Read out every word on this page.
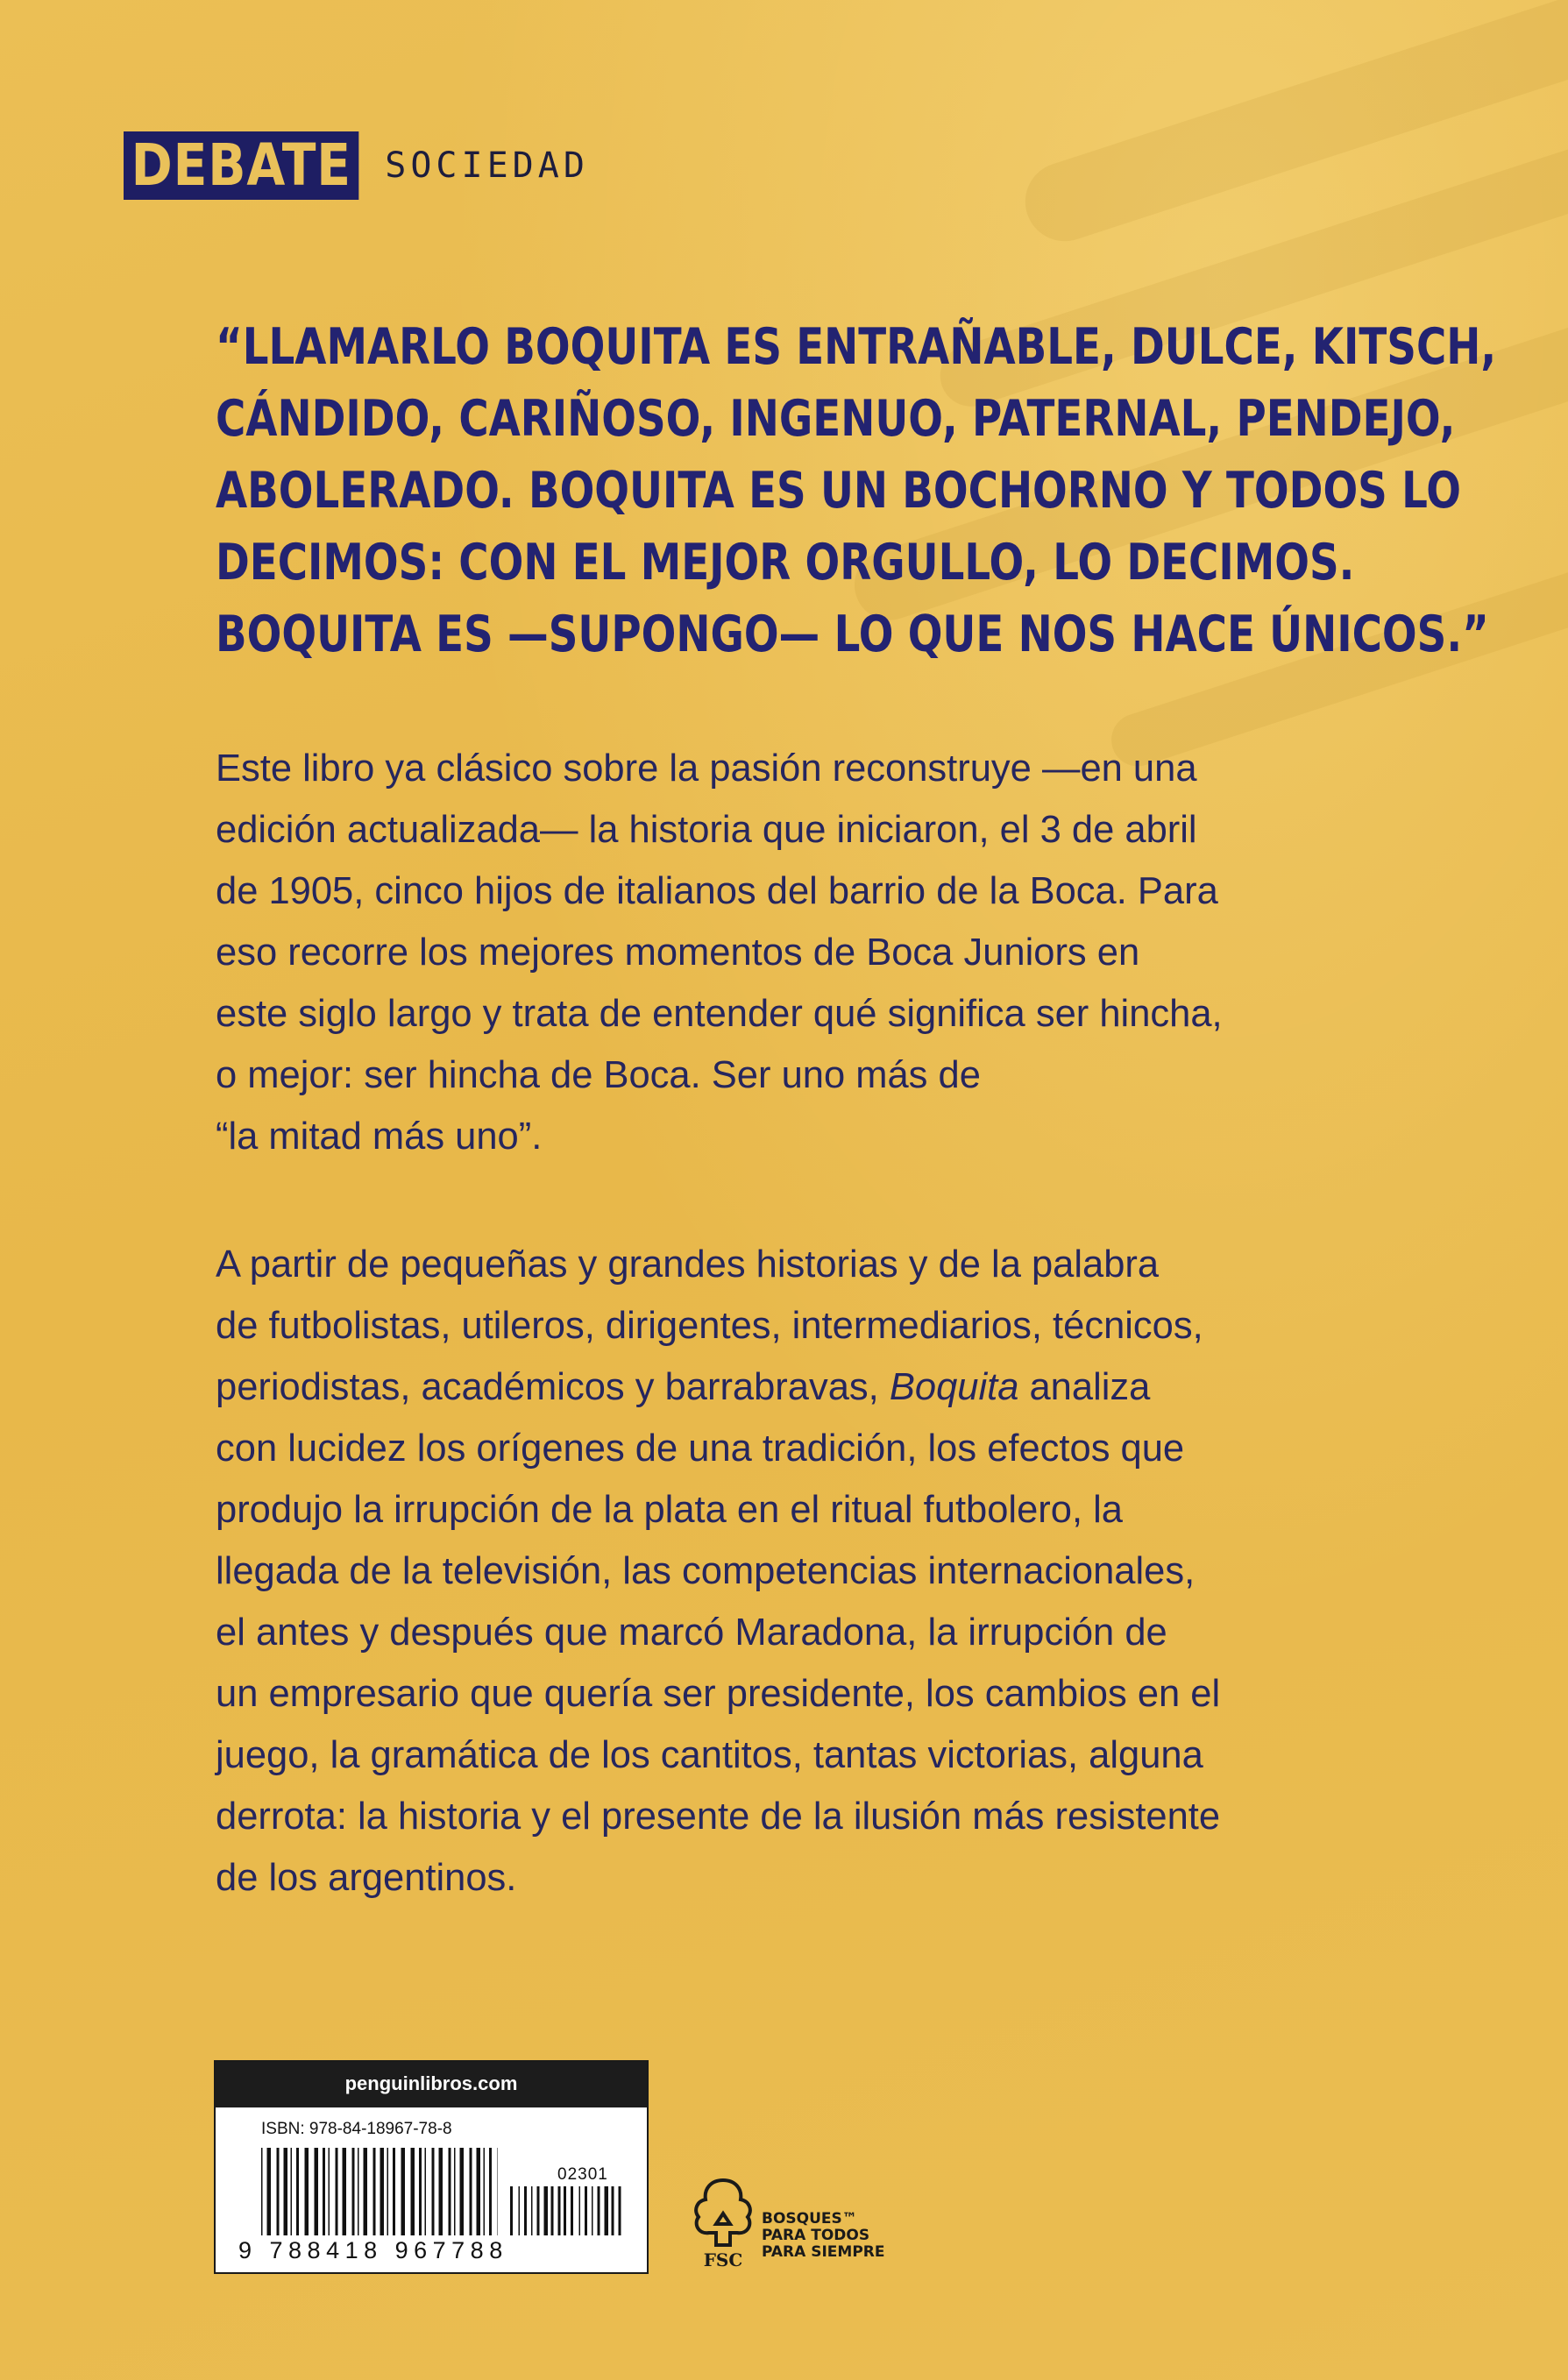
DEBATE SOCIEDAD
“LLAMARLO BOQUITA ES ENTRAÑABLE, DULCE, KITSCH,
CÁNDIDO, CARIÑOSO, INGENUO, PATERNAL, PENDEJO,
ABOLERADO. BOQUITA ES UN BOCHORNO Y TODOS LO
DECIMOS: CON EL MEJOR ORGULLO, LO DECIMOS.
BOQUITA ES —SUPONGO— LO QUE NOS HACE ÚNICOS.”
Este libro ya clásico sobre la pasión reconstruye —en una
edición actualizada— la historia que iniciaron, el 3 de abril
de 1905, cinco hijos de italianos del barrio de la Boca. Para
eso recorre los mejores momentos de Boca Juniors en
este siglo largo y trata de entender qué significa ser hincha,
o mejor: ser hincha de Boca. Ser uno más de
“la mitad más uno”.
A partir de pequeñas y grandes historias y de la palabra
de futbolistas, utileros, dirigentes, intermediarios, técnicos,
periodistas, académicos y barrabravas, Boquita analiza
con lucidez los orígenes de una tradición, los efectos que
produjo la irrupción de la plata en el ritual futbolero, la
llegada de la televisión, las competencias internacionales,
el antes y después que marcó Maradona, la irrupción de
un empresario que quería ser presidente, los cambios en el
juego, la gramática de los cantitos, tantas victorias, alguna
derrota: la historia y el presente de la ilusión más resistente
de los argentinos.
penguinlibros.com
ISBN: 978-84-18967-78-8
02301
9 788418 967788	FSC
BOSQUES™
PARA TODOS
PARA SIEMPRE
